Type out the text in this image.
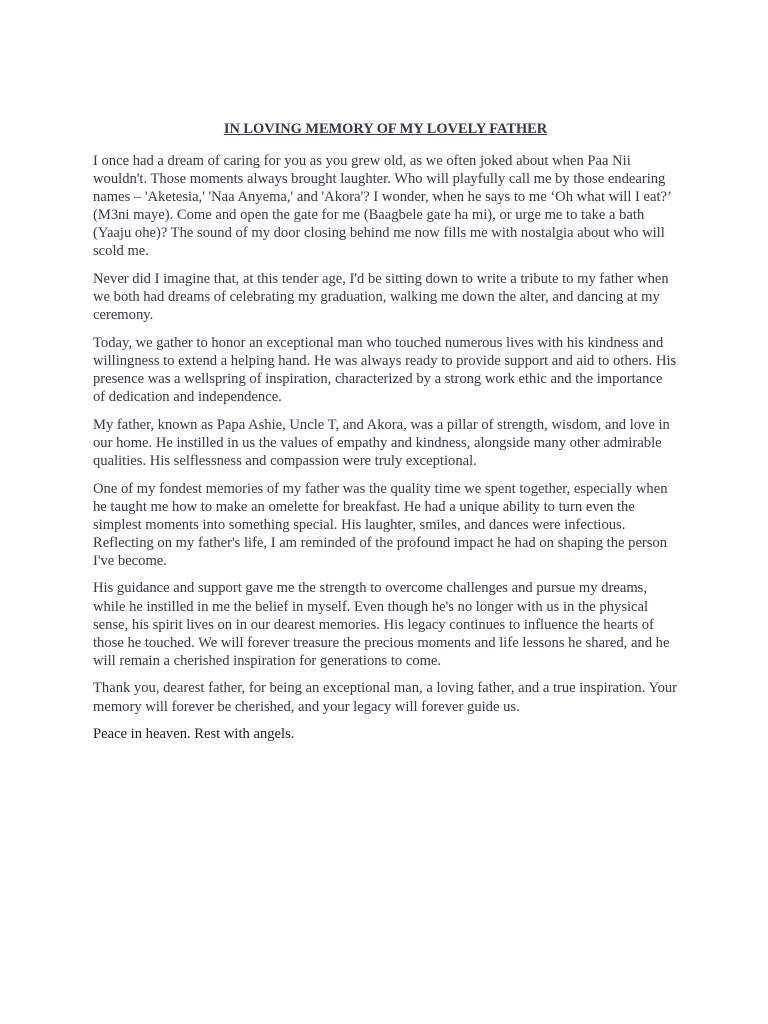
IN LOVING MEMORY OF MY LOVELY FATHER

I once had a dream of caring for you as you grew old, as we often joked about when Paa Nii wouldn't. Those moments always brought laughter. Who will playfully call me by those endearing names – 'Aketesia,' 'Naa Anyema,' and 'Akora'? I wonder, when he says to me ‘Oh what will I eat?’ (M3ni maye). Come and open the gate for me (Baagbele gate ha mi), or urge me to take a bath (Yaaju ohe)? The sound of my door closing behind me now fills me with nostalgia about who will scold me.

Never did I imagine that, at this tender age, I'd be sitting down to write a tribute to my father when we both had dreams of celebrating my graduation, walking me down the alter, and dancing at my ceremony.

Today, we gather to honor an exceptional man who touched numerous lives with his kindness and willingness to extend a helping hand. He was always ready to provide support and aid to others. His presence was a wellspring of inspiration, characterized by a strong work ethic and the importance of dedication and independence.

My father, known as Papa Ashie, Uncle T, and Akora, was a pillar of strength, wisdom, and love in our home. He instilled in us the values of empathy and kindness, alongside many other admirable qualities. His selflessness and compassion were truly exceptional.

One of my fondest memories of my father was the quality time we spent together, especially when he taught me how to make an omelette for breakfast. He had a unique ability to turn even the simplest moments into something special. His laughter, smiles, and dances were infectious. Reflecting on my father's life, I am reminded of the profound impact he had on shaping the person I've become.

His guidance and support gave me the strength to overcome challenges and pursue my dreams, while he instilled in me the belief in myself. Even though he's no longer with us in the physical sense, his spirit lives on in our dearest memories. His legacy continues to influence the hearts of those he touched. We will forever treasure the precious moments and life lessons he shared, and he will remain a cherished inspiration for generations to come.

Thank you, dearest father, for being an exceptional man, a loving father, and a true inspiration. Your memory will forever be cherished, and your legacy will forever guide us.

Peace in heaven. Rest with angels.
